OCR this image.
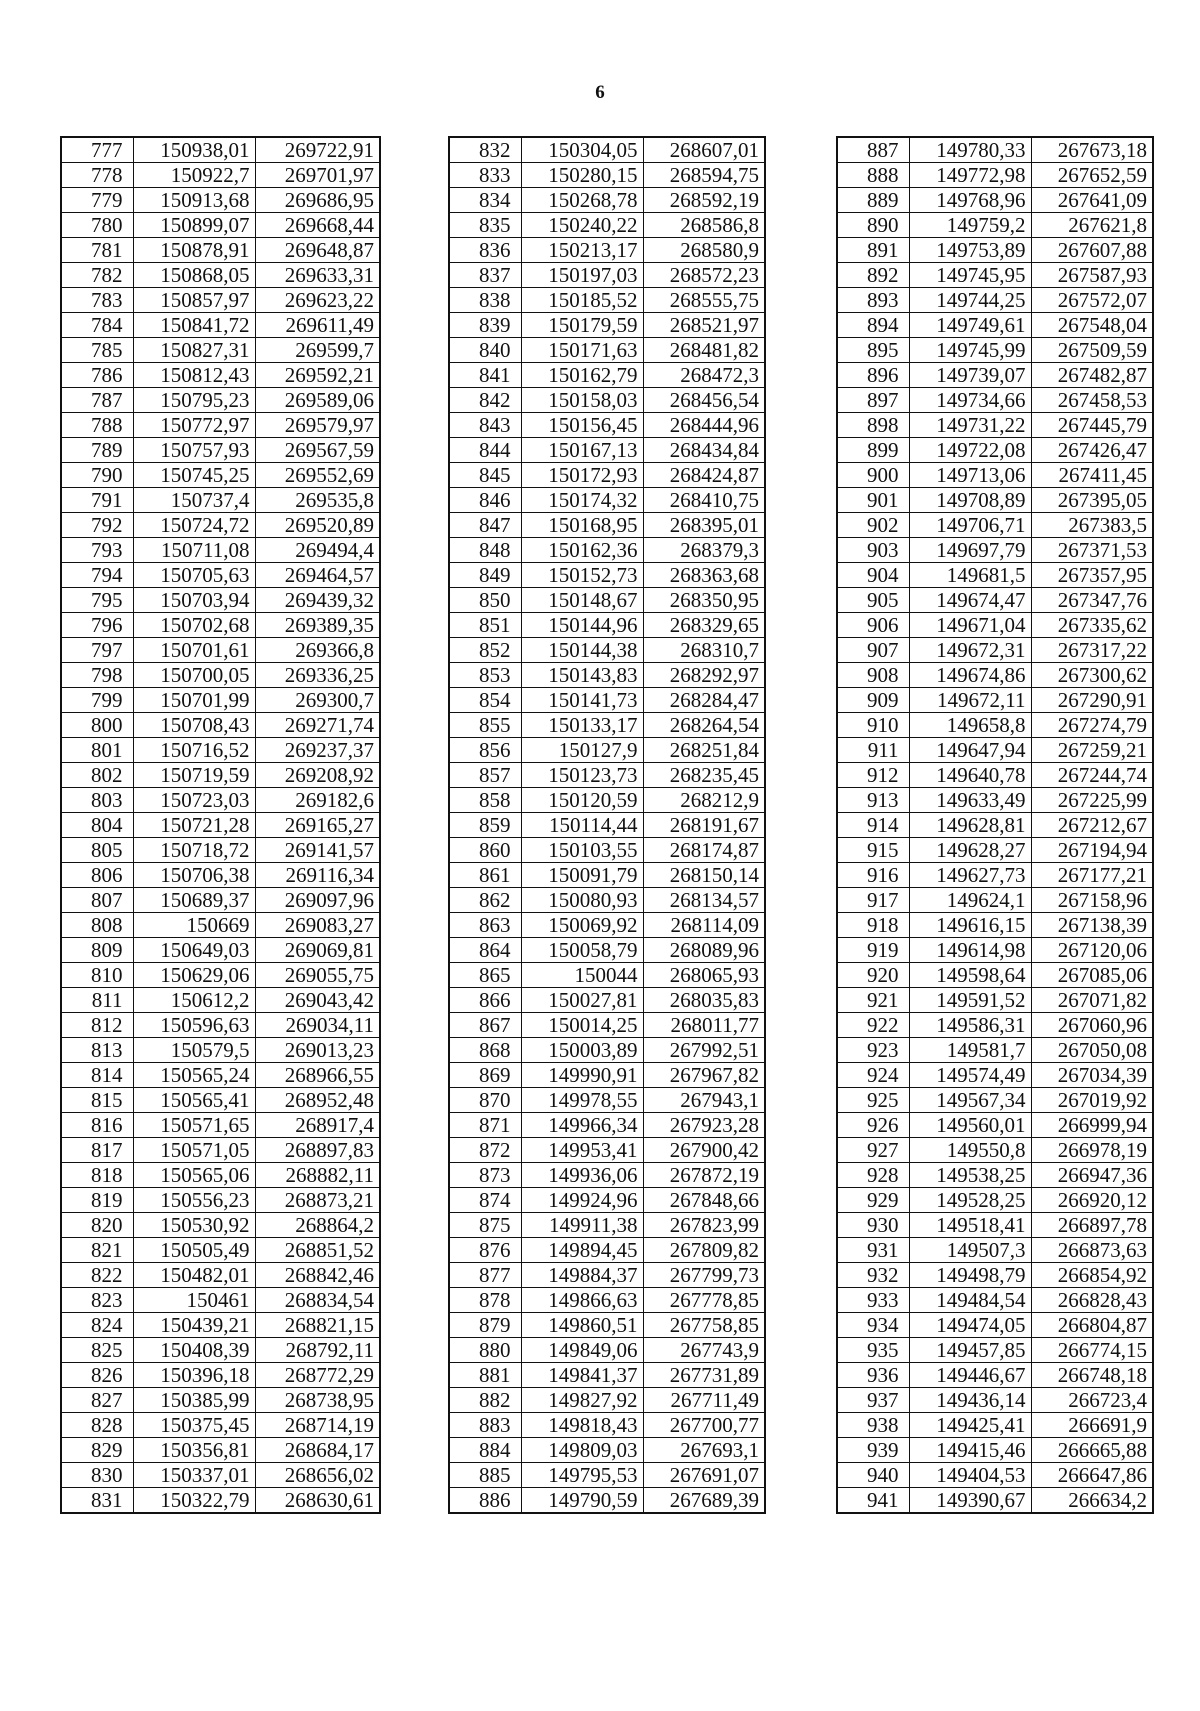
6
777	150938,01	269722,91
778	150922,7	269701,97
779	150913,68	269686,95
780	150899,07	269668,44
781	150878,91	269648,87
782	150868,05	269633,31
783	150857,97	269623,22
784	150841,72	269611,49
785	150827,31	269599,7
786	150812,43	269592,21
787	150795,23	269589,06
788	150772,97	269579,97
789	150757,93	269567,59
790	150745,25	269552,69
791	150737,4	269535,8
792	150724,72	269520,89
793	150711,08	269494,4
794	150705,63	269464,57
795	150703,94	269439,32
796	150702,68	269389,35
797	150701,61	269366,8
798	150700,05	269336,25
799	150701,99	269300,7
800	150708,43	269271,74
801	150716,52	269237,37
802	150719,59	269208,92
803	150723,03	269182,6
804	150721,28	269165,27
805	150718,72	269141,57
806	150706,38	269116,34
807	150689,37	269097,96
808	150669	269083,27
809	150649,03	269069,81
810	150629,06	269055,75
811	150612,2	269043,42
812	150596,63	269034,11
813	150579,5	269013,23
814	150565,24	268966,55
815	150565,41	268952,48
816	150571,65	268917,4
817	150571,05	268897,83
818	150565,06	268882,11
819	150556,23	268873,21
820	150530,92	268864,2
821	150505,49	268851,52
822	150482,01	268842,46
823	150461	268834,54
824	150439,21	268821,15
825	150408,39	268792,11
826	150396,18	268772,29
827	150385,99	268738,95
828	150375,45	268714,19
829	150356,81	268684,17
830	150337,01	268656,02
831	150322,79	268630,61
832	150304,05	268607,01
833	150280,15	268594,75
834	150268,78	268592,19
835	150240,22	268586,8
836	150213,17	268580,9
837	150197,03	268572,23
838	150185,52	268555,75
839	150179,59	268521,97
840	150171,63	268481,82
841	150162,79	268472,3
842	150158,03	268456,54
843	150156,45	268444,96
844	150167,13	268434,84
845	150172,93	268424,87
846	150174,32	268410,75
847	150168,95	268395,01
848	150162,36	268379,3
849	150152,73	268363,68
850	150148,67	268350,95
851	150144,96	268329,65
852	150144,38	268310,7
853	150143,83	268292,97
854	150141,73	268284,47
855	150133,17	268264,54
856	150127,9	268251,84
857	150123,73	268235,45
858	150120,59	268212,9
859	150114,44	268191,67
860	150103,55	268174,87
861	150091,79	268150,14
862	150080,93	268134,57
863	150069,92	268114,09
864	150058,79	268089,96
865	150044	268065,93
866	150027,81	268035,83
867	150014,25	268011,77
868	150003,89	267992,51
869	149990,91	267967,82
870	149978,55	267943,1
871	149966,34	267923,28
872	149953,41	267900,42
873	149936,06	267872,19
874	149924,96	267848,66
875	149911,38	267823,99
876	149894,45	267809,82
877	149884,37	267799,73
878	149866,63	267778,85
879	149860,51	267758,85
880	149849,06	267743,9
881	149841,37	267731,89
882	149827,92	267711,49
883	149818,43	267700,77
884	149809,03	267693,1
885	149795,53	267691,07
886	149790,59	267689,39
887	149780,33	267673,18
888	149772,98	267652,59
889	149768,96	267641,09
890	149759,2	267621,8
891	149753,89	267607,88
892	149745,95	267587,93
893	149744,25	267572,07
894	149749,61	267548,04
895	149745,99	267509,59
896	149739,07	267482,87
897	149734,66	267458,53
898	149731,22	267445,79
899	149722,08	267426,47
900	149713,06	267411,45
901	149708,89	267395,05
902	149706,71	267383,5
903	149697,79	267371,53
904	149681,5	267357,95
905	149674,47	267347,76
906	149671,04	267335,62
907	149672,31	267317,22
908	149674,86	267300,62
909	149672,11	267290,91
910	149658,8	267274,79
911	149647,94	267259,21
912	149640,78	267244,74
913	149633,49	267225,99
914	149628,81	267212,67
915	149628,27	267194,94
916	149627,73	267177,21
917	149624,1	267158,96
918	149616,15	267138,39
919	149614,98	267120,06
920	149598,64	267085,06
921	149591,52	267071,82
922	149586,31	267060,96
923	149581,7	267050,08
924	149574,49	267034,39
925	149567,34	267019,92
926	149560,01	266999,94
927	149550,8	266978,19
928	149538,25	266947,36
929	149528,25	266920,12
930	149518,41	266897,78
931	149507,3	266873,63
932	149498,79	266854,92
933	149484,54	266828,43
934	149474,05	266804,87
935	149457,85	266774,15
936	149446,67	266748,18
937	149436,14	266723,4
938	149425,41	266691,9
939	149415,46	266665,88
940	149404,53	266647,86
941	149390,67	266634,2
